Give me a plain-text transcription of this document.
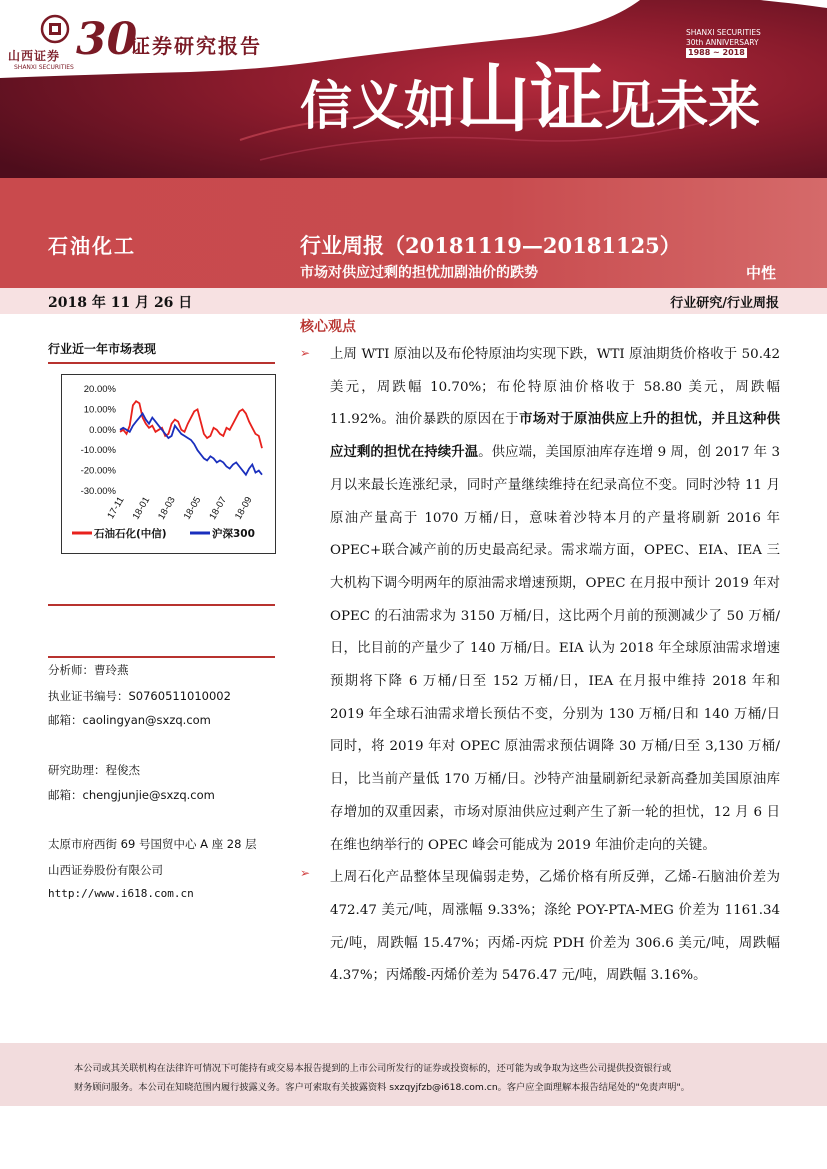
山西证券
SHANXI SECURITIES
30
证券研究报告
信义如山证见未来
SHANXI SECURITIES
30th ANNIVERSARY
1988 ~ 2018
石油化工	行业周报（20181119—20181125）
市场对供应过剩的担忧加剧油价的跌势	中性
2018 年 11 月 26 日	行业研究/行业周报
行业近一年市场表现
20.00%
10.00%
0.00%
-10.00%
-20.00%
-30.00%
17-11 18-01 18-03 18-05 18-07 18-09
石油石化(中信)	沪深300
分析师：曹玲燕
执业证书编号：S0760511010002
邮箱：caolingyan@sxzq.com
研究助理：程俊杰
邮箱：chengjunjie@sxzq.com
太原市府西街 69 号国贸中心 A 座 28 层
山西证券股份有限公司
http://www.i618.com.cn
核心观点
➢
➢

上周 WTI 原油以及布伦特原油均实现下跌，WTI 原油期货价格收于 50.42 美元，周跌幅 10.70%；布伦特原油价格收于 58.80 美元，周跌幅 11.92%。油价暴跌的原因在于市场对于原油供应上升的担忧，并且这种供应过剩的担忧在持续升温。供应端，美国原油库存连增 9 周，创 2017 年 3 月以来最长连涨纪录，同时产量继续维持在纪录高位不变。同时沙特 11 月原油产量高于 1070 万桶/日，意味着沙特本月的产量将刷新 2016 年 OPEC+联合减产前的历史最高纪录。需求端方面，OPEC、EIA、IEA 三大机构下调今明两年的原油需求增速预期，OPEC 在月报中预计 2019 年对 OPEC 的石油需求为 3150 万桶/日，这比两个月前的预测减少了 50 万桶/日，比目前的产量少了 140 万桶/日。EIA 认为 2018 年全球原油需求增速预期将下降 6 万桶/日至 152 万桶/日，IEA 在月报中维持 2018 年和 2019 年全球石油需求增长预估不变，分别为 130 万桶/日和 140 万桶/日同时，将 2019 年对 OPEC 原油需求预估调降 30 万桶/日至 3,130 万桶/日，比当前产量低 170 万桶/日。沙特产油量刷新纪录新高叠加美国原油库存增加的双重因素，市场对原油供应过剩产生了新一轮的担忧，12 月 6 日在维也纳举行的 OPEC 峰会可能成为 2019 年油价走向的关键。

上周石化产品整体呈现偏弱走势，乙烯价格有所反弹，乙烯-石脑油价差为 472.47 美元/吨，周涨幅 9.33%；涤纶 POY-PTA-MEG 价差为 1161.34 元/吨，周跌幅 15.47%；丙烯-丙烷 PDH 价差为 306.6 美元/吨，周跌幅 4.37%；丙烯酸-丙烯价差为 5476.47 元/吨，周跌幅 3.16%。

本公司或其关联机构在法律许可情况下可能持有或交易本报告提到的上市公司所发行的证券或投资标的，还可能为或争取为这些公司提供投资银行或
财务顾问服务。本公司在知晓范围内履行披露义务。客户可索取有关披露资料 sxzqyjfzb@i618.com.cn。客户应全面理解本报告结尾处的"免责声明"。
